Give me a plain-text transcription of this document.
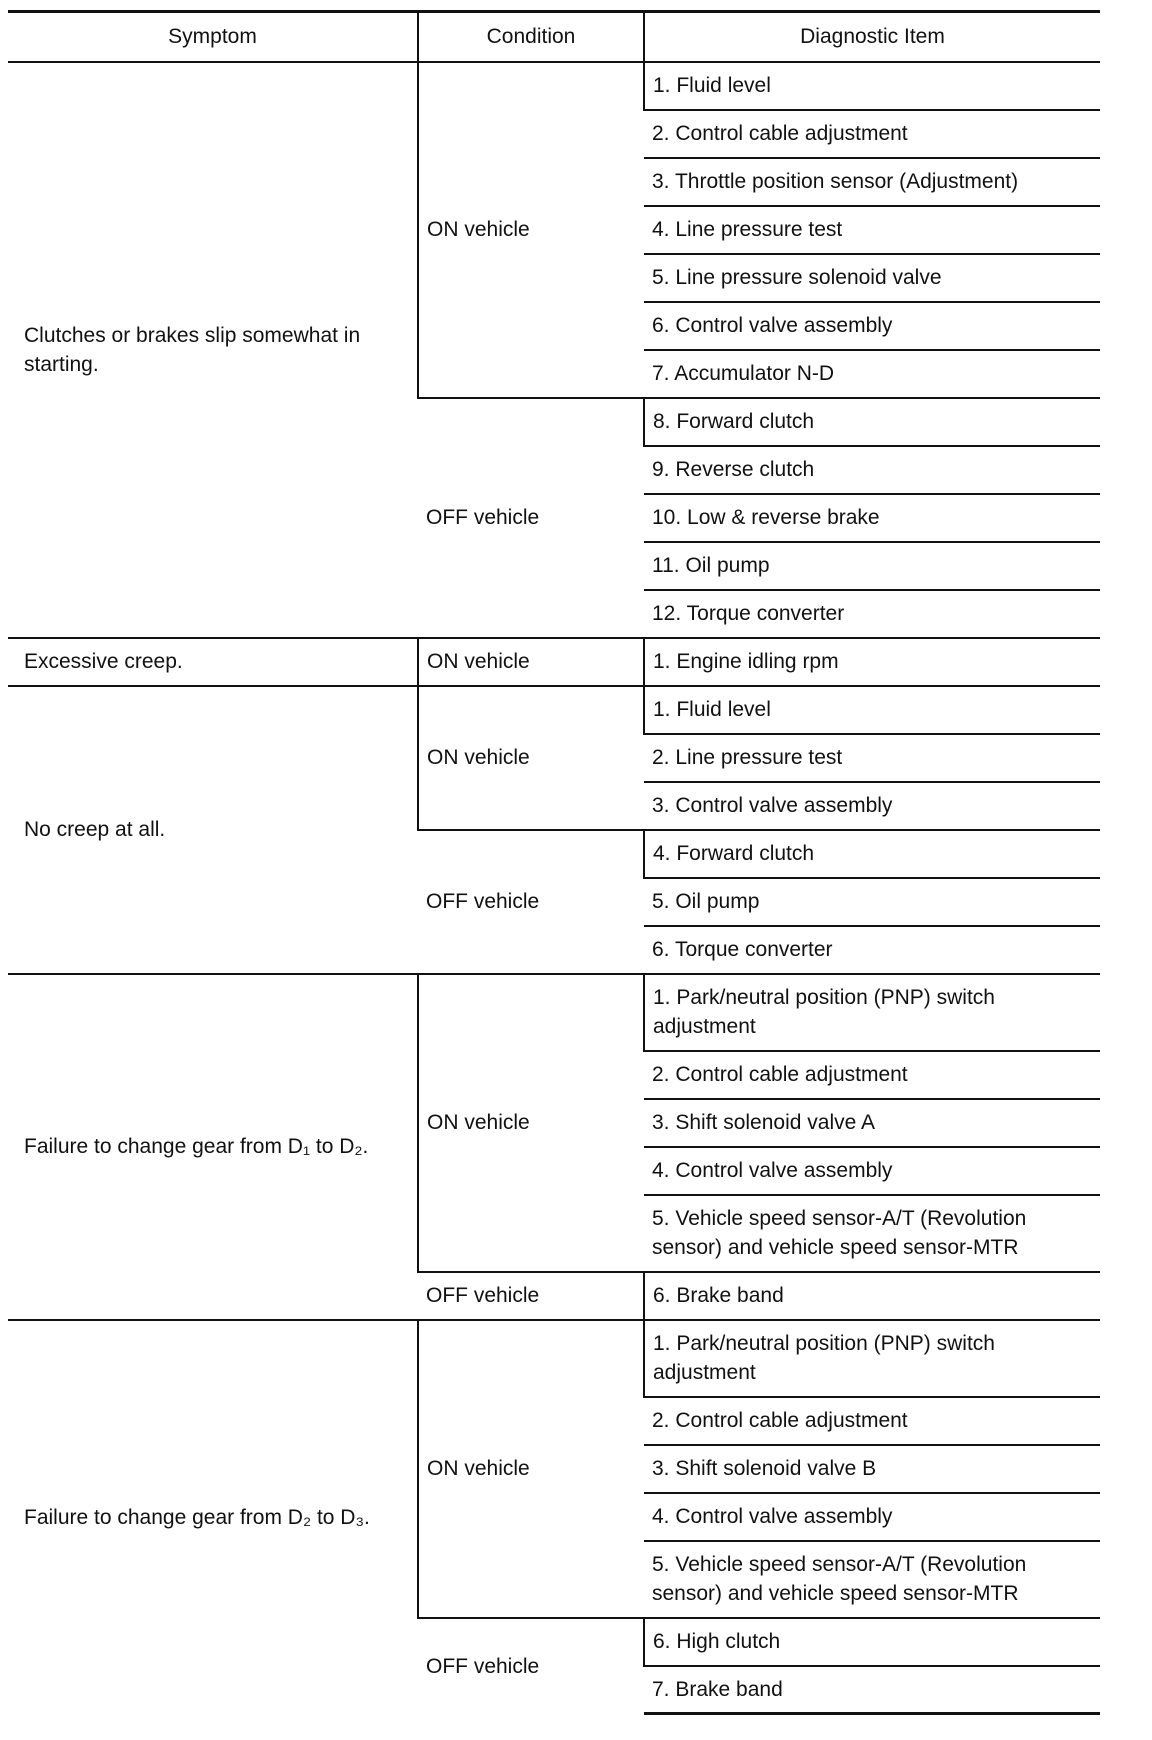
Symptom	Condition	Diagnostic Item
Clutches or brakes slip somewhat in starting.	ON vehicle	1. Fluid level
		2. Control cable adjustment
		3. Throttle position sensor (Adjustment)
		4. Line pressure test
		5. Line pressure solenoid valve
		6. Control valve assembly
		7. Accumulator N-D
	OFF vehicle	8. Forward clutch
		9. Reverse clutch
		10. Low & reverse brake
		11. Oil pump
		12. Torque converter
Excessive creep.	ON vehicle	1. Engine idling rpm
No creep at all.	ON vehicle	1. Fluid level
		2. Line pressure test
		3. Control valve assembly
	OFF vehicle	4. Forward clutch
		5. Oil pump
		6. Torque converter
Failure to change gear from D₁ to D₂.	ON vehicle	1. Park/neutral position (PNP) switch adjustment
		2. Control cable adjustment
		3. Shift solenoid valve A
		4. Control valve assembly
		5. Vehicle speed sensor-A/T (Revolution sensor) and vehicle speed sensor-MTR
	OFF vehicle	6. Brake band
Failure to change gear from D₂ to D₃.	ON vehicle	1. Park/neutral position (PNP) switch adjustment
		2. Control cable adjustment
		3. Shift solenoid valve B
		4. Control valve assembly
		5. Vehicle speed sensor-A/T (Revolution sensor) and vehicle speed sensor-MTR
	OFF vehicle	6. High clutch
		7. Brake band
